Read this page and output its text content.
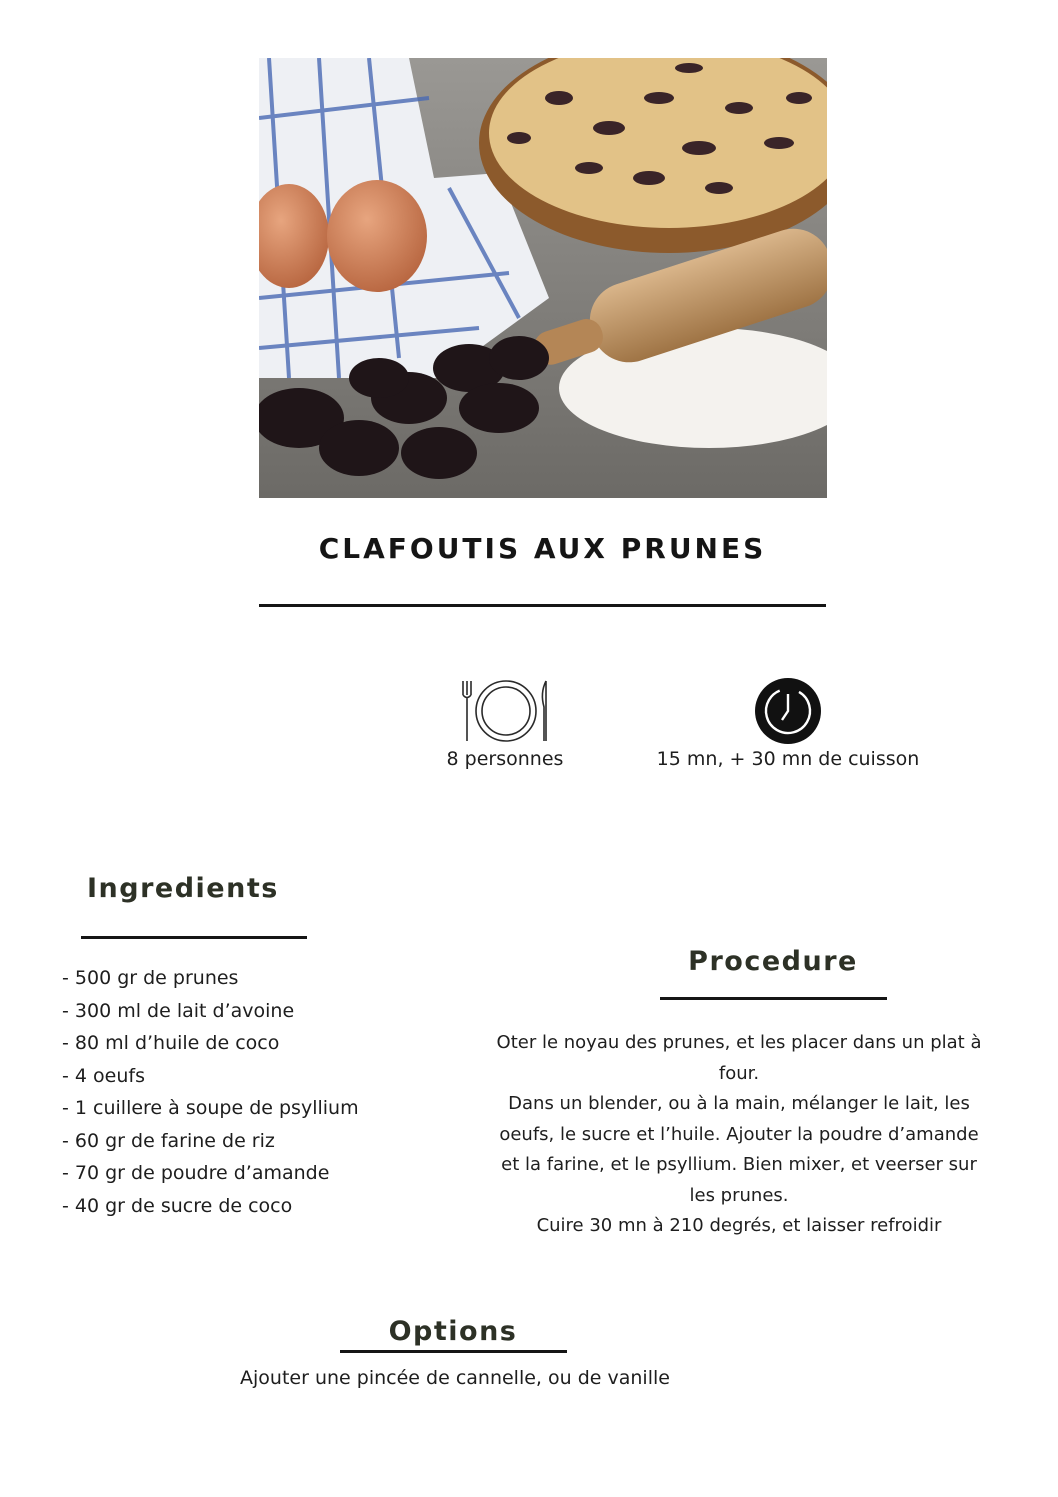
CLAFOUTIS AUX PRUNES
8 personnes	15 mn, + 30 mn de cuisson
Ingredients
- 500 gr de prunes
- 300 ml de lait d’avoine
- 80 ml d’huile de coco
- 4 oeufs
- 1 cuillere à soupe de psyllium
- 60 gr de farine de riz
- 70 gr de poudre d’amande
- 40 gr de sucre de coco
Procedure

Oter le noyau des prunes, et les placer dans un plat à four.

Dans un blender, ou à la main, mélanger le lait, les oeufs, le sucre et l’huile. Ajouter la poudre d’amande et la farine, et le psyllium. Bien mixer, et veerser sur les prunes.

Cuire 30 mn à 210 degrés, et laisser refroidir

Options
Ajouter une pincée de cannelle, ou de vanille
